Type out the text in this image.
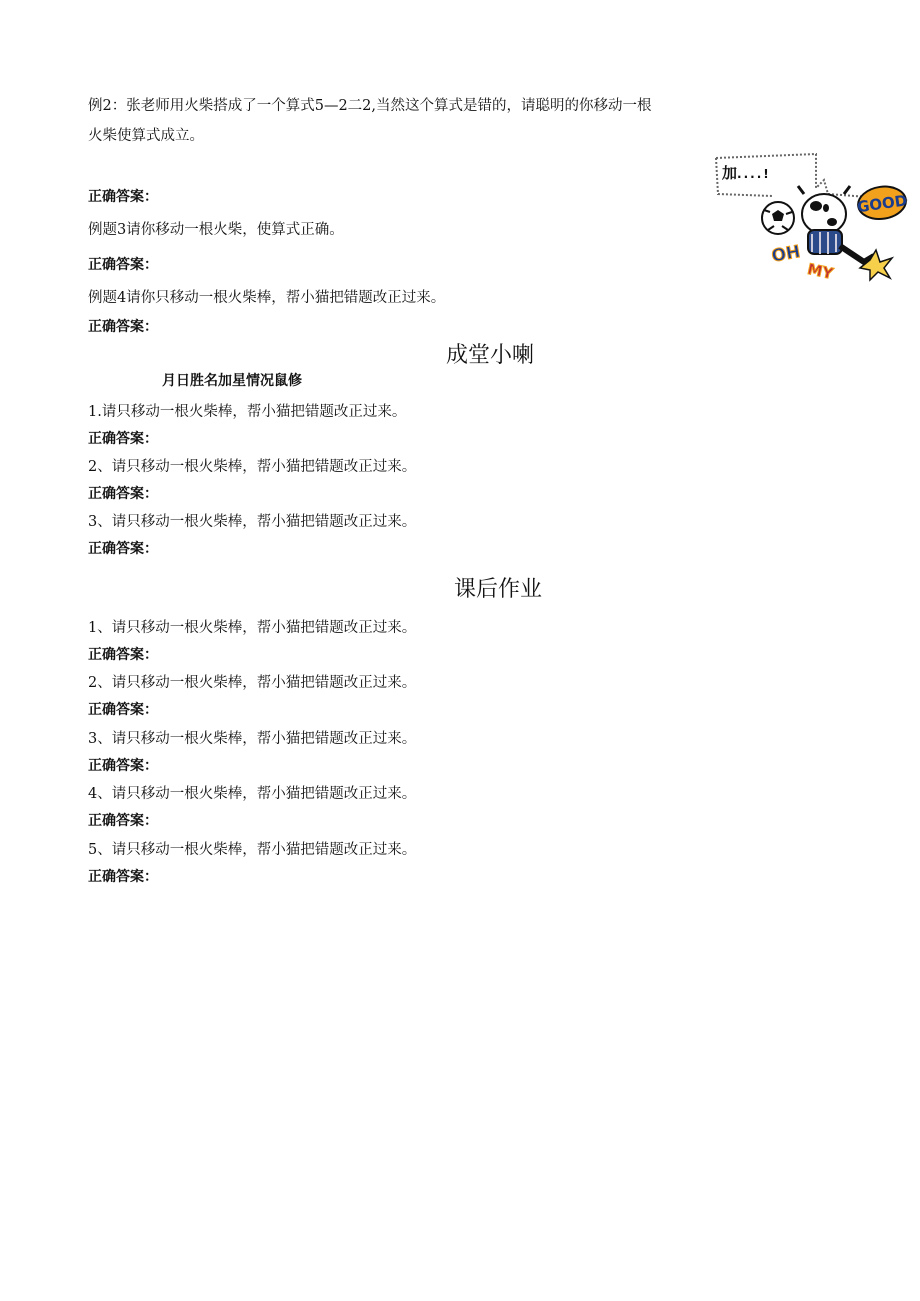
例2：张老师用火柴搭成了一个算式5—2二2,当然这个算式是错的，请聪明的你移动一根
火柴使算式成立。
正确答案：
例题3请你移动一根火柴，使算式正确。
正确答案：
例题4请你只移动一根火柴棒，帮小猫把错题改正过来。
正确答案：
GOOD
OH
MY
加....!
成堂小喇
月日胜名加星情况鼠修
1.请只移动一根火柴棒，帮小猫把错题改正过来。
正确答案：
2、请只移动一根火柴棒，帮小猫把错题改正过来。
正确答案：
3、请只移动一根火柴棒，帮小猫把错题改正过来。
正确答案：
课后作业
1、请只移动一根火柴棒，帮小猫把错题改正过来。
正确答案：
2、请只移动一根火柴棒，帮小猫把错题改正过来。
正确答案：
3、请只移动一根火柴棒，帮小猫把错题改正过来。
正确答案：
4、请只移动一根火柴棒，帮小猫把错题改正过来。
正确答案：
5、请只移动一根火柴棒，帮小猫把错题改正过来。
正确答案：
